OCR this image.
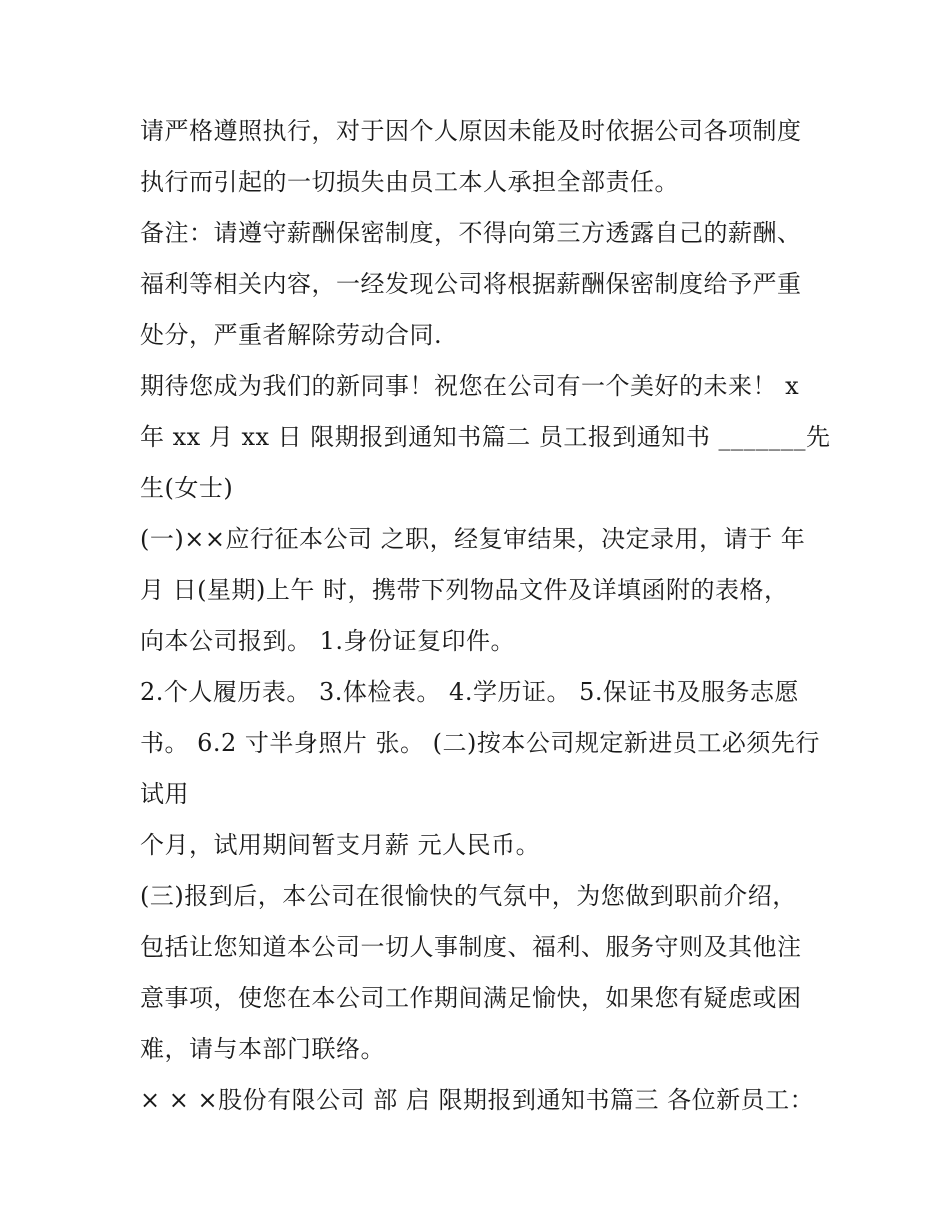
请严格遵照执行，对于因个人原因未能及时依据公司各项制度
执行而引起的一切损失由员工本人承担全部责任。
备注：请遵守薪酬保密制度，不得向第三方透露自己的薪酬、
福利等相关内容，一经发现公司将根据薪酬保密制度给予严重
处分，严重者解除劳动合同.
期待您成为我们的新同事！祝您在公司有一个美好的未来！ x
年 xx 月 xx 日 限期报到通知书篇二 员工报到通知书 _______先
生(女士)
(一)××应行征本公司 之职，经复审结果，决定录用，请于 年
月 日(星期)上午 时，携带下列物品文件及详填函附的表格，
向本公司报到。 1.身份证复印件。
2.个人履历表。 3.体检表。 4.学历证。 5.保证书及服务志愿
书。 6.2 寸半身照片 张。 (二)按本公司规定新进员工必须先行
试用
个月，试用期间暂支月薪 元人民币。
(三)报到后，本公司在很愉快的气氛中，为您做到职前介绍，
包括让您知道本公司一切人事制度、福利、服务守则及其他注
意事项，使您在本公司工作期间满足愉快，如果您有疑虑或困
难，请与本部门联络。
× × ×股份有限公司 部 启 限期报到通知书篇三 各位新员工：
